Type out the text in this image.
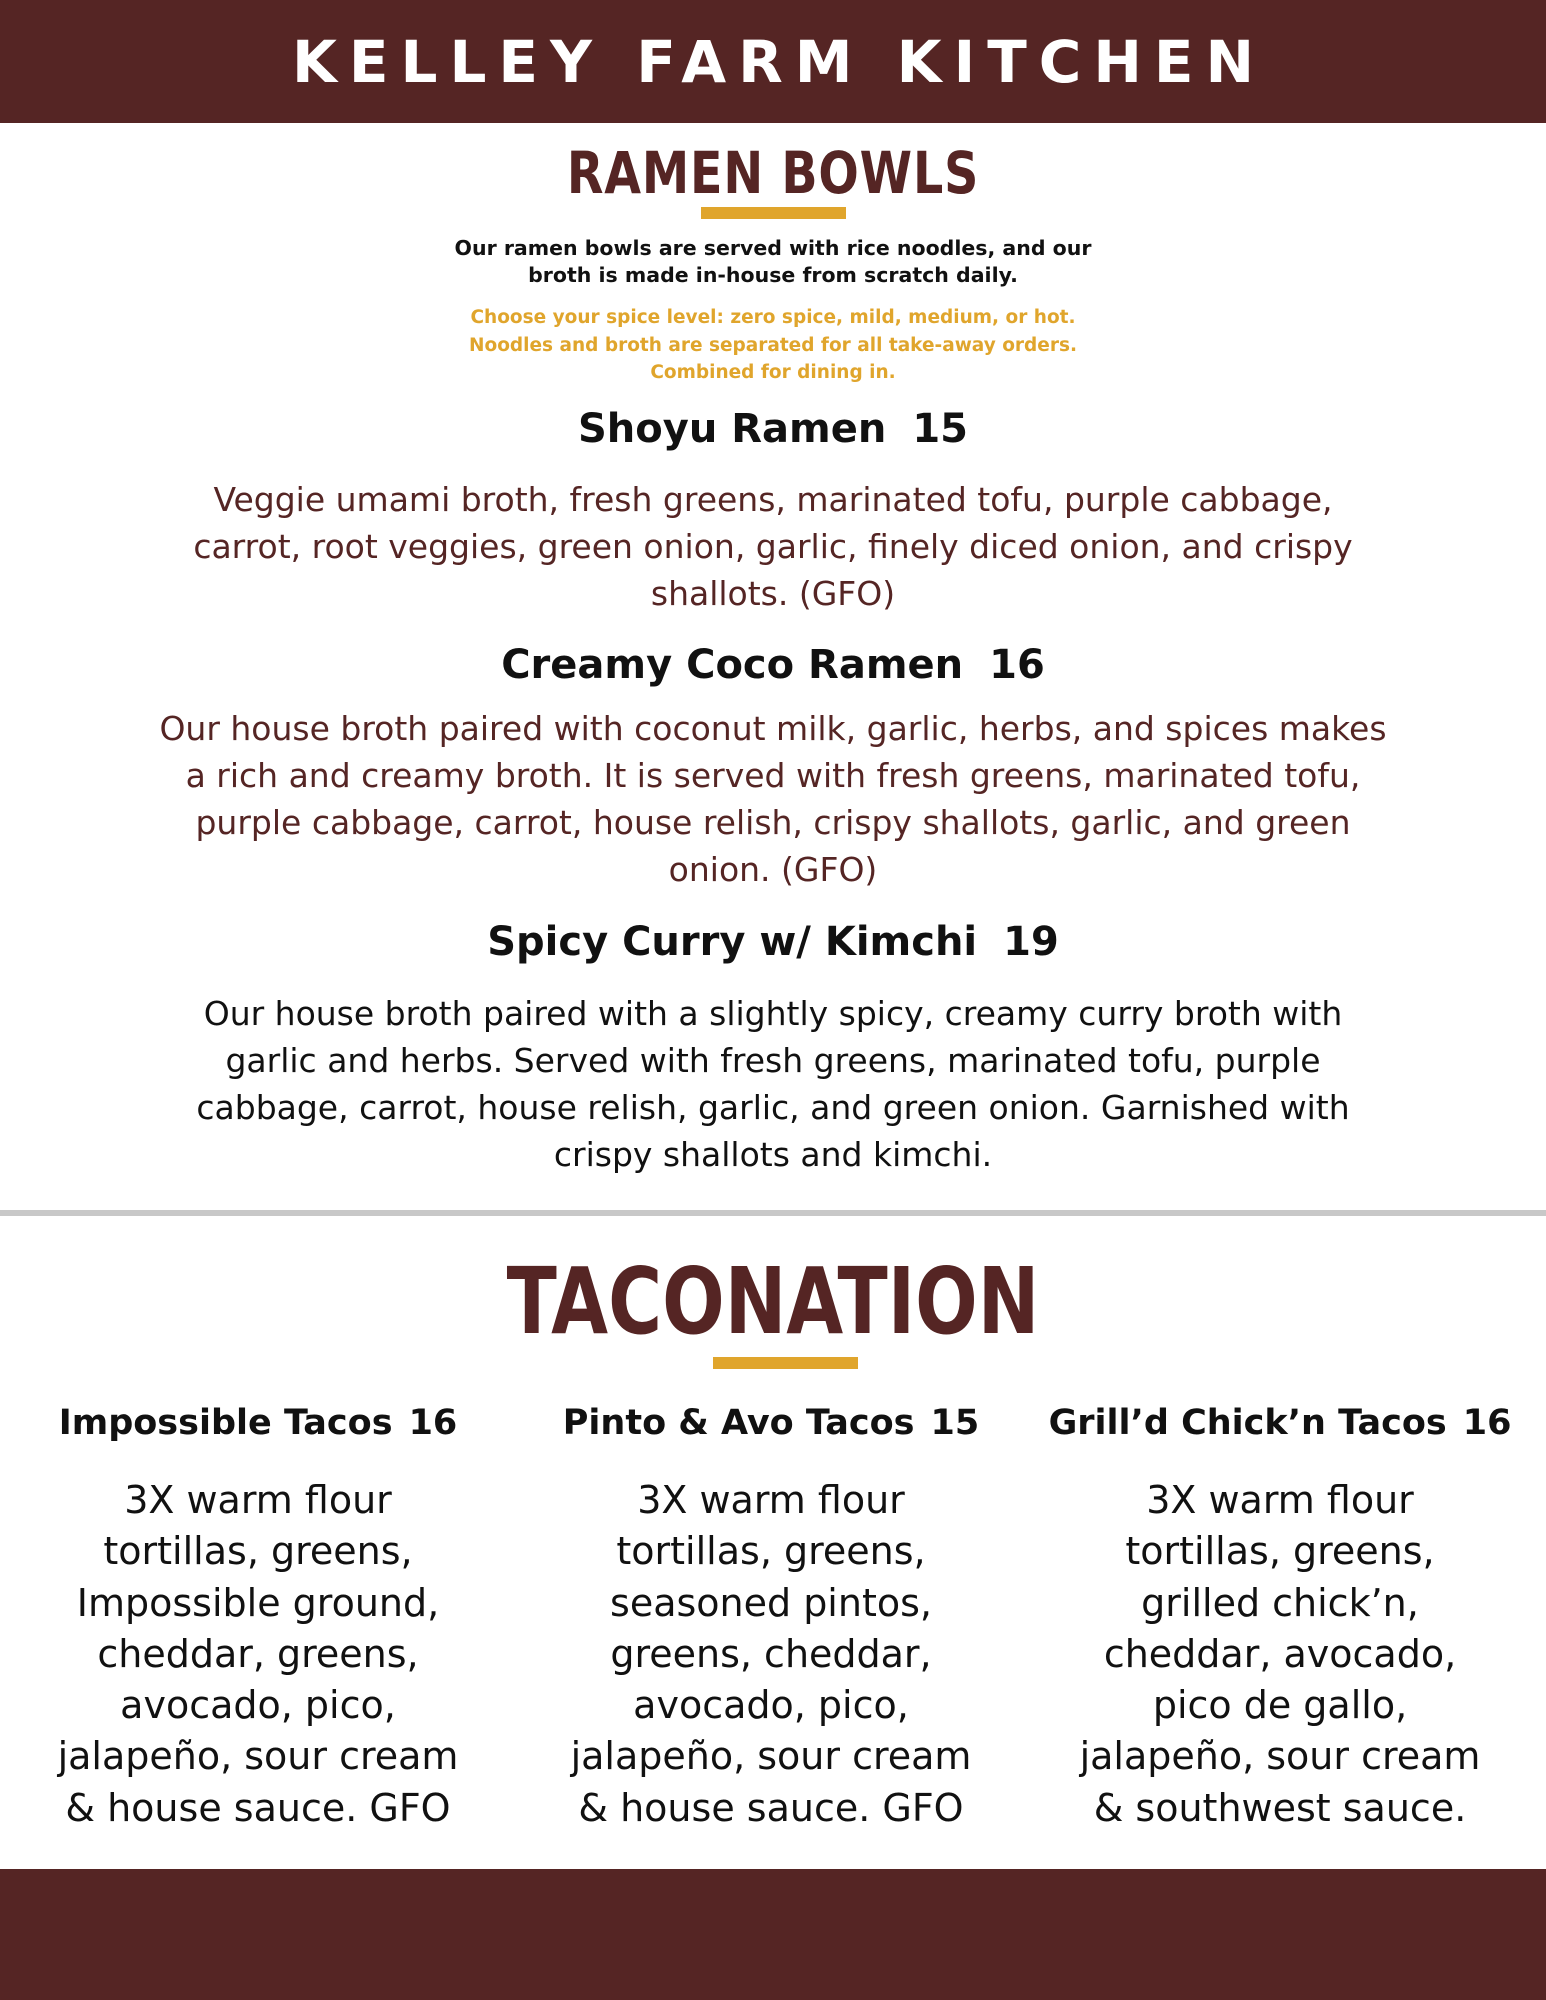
KELLEY FARM KITCHEN
RAMEN BOWLS

Our ramen bowls are served with rice noodles, and our
broth is made in-house from scratch daily.

Choose your spice level: zero spice, mild, medium, or hot.
Noodles and broth are separated for all take-away orders.
Combined for dining in.

Shoyu Ramen 15

Veggie umami broth, fresh greens, marinated tofu, purple cabbage,
carrot, root veggies, green onion, garlic, finely diced onion, and crispy
shallots. (GFO)

Creamy Coco Ramen 16

Our house broth paired with coconut milk, garlic, herbs, and spices makes
a rich and creamy broth. It is served with fresh greens, marinated tofu,
purple cabbage, carrot, house relish, crispy shallots, garlic, and green
onion. (GFO)

Spicy Curry w/ Kimchi 19

Our house broth paired with a slightly spicy, creamy curry broth with
garlic and herbs. Served with fresh greens, marinated tofu, purple
cabbage, carrot, house relish, garlic, and green onion. Garnished with
crispy shallots and kimchi.

TACONATION
Impossible Tacos 16

3X warm flour
tortillas, greens,
Impossible ground,
cheddar, greens,
avocado, pico,
jalapeño, sour cream
& house sauce. GFO

Pinto & Avo Tacos 15

3X warm flour
tortillas, greens,
seasoned pintos,
greens, cheddar,
avocado, pico,
jalapeño, sour cream
& house sauce. GFO

Grill’d Chick’n Tacos 16

3X warm flour
tortillas, greens,
grilled chick’n,
cheddar, avocado,
pico de gallo,
jalapeño, sour cream
& southwest sauce.
